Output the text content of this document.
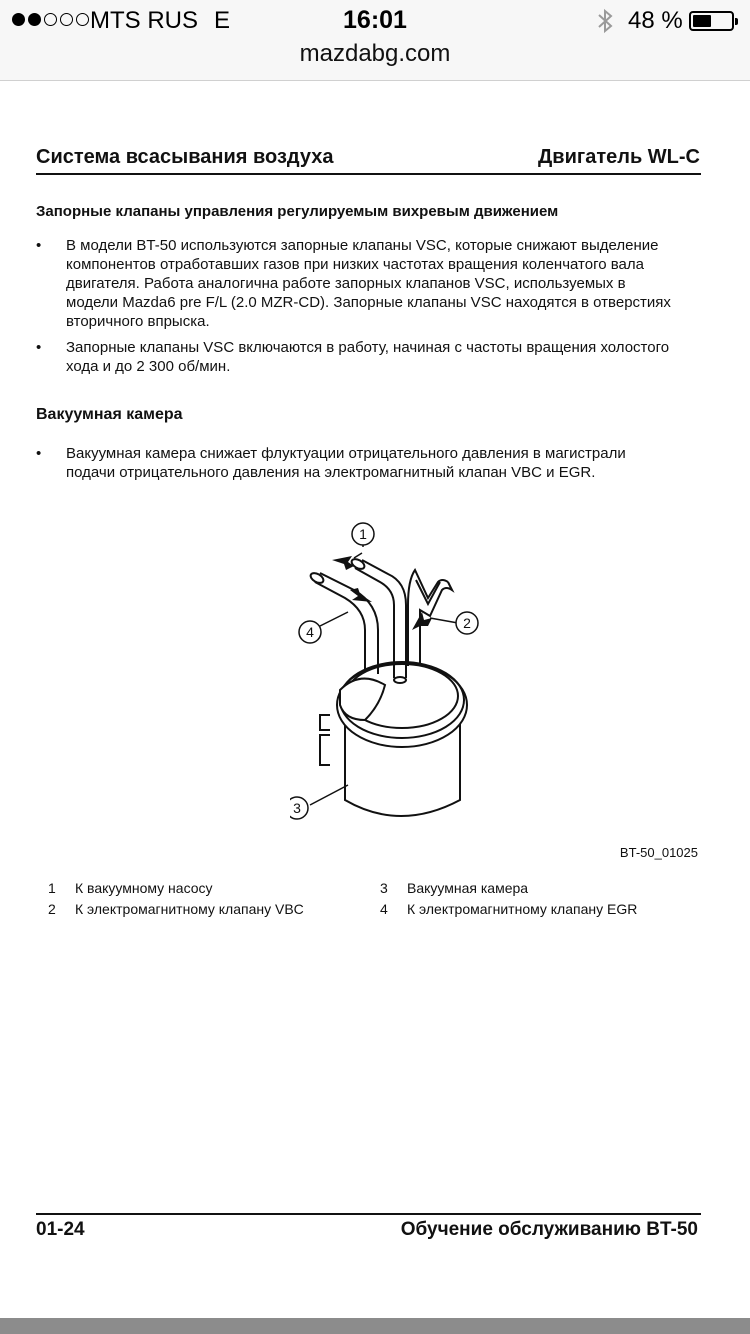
MTS RUS E	16:01	48 %
mazdabg.com
Система всасывания воздуха	Двигатель WL-C
Запорные клапаны управления регулируемым вихревым движением
•	В модели BT-50 используются запорные клапаны VSC, которые снижают выделение компонентов отработавших газов при низких частотах вращения коленчатого вала двигателя. Работа аналогична работе запорных клапанов VSC, используемых в модели Mazda6 pre F/L (2.0 MZR-CD). Запорные клапаны VSC находятся в отверстиях вторичного впрыска.
•	Запорные клапаны VSC включаются в работу, начиная с частоты вращения холостого хода и до 2 300 об/мин.
Вакуумная камера
•	Вакуумная камера снижает флуктуации отрицательного давления в магистрали подачи отрицательного давления на электромагнитный клапан VBC и EGR.
1
2
3
4
BT-50_01025
1 К вакуумному насосу
2 К электромагнитному клапану VBC
3 Вакуумная камера
4 К электромагнитному клапану EGR
01-24	Обучение обслуживанию BT-50
